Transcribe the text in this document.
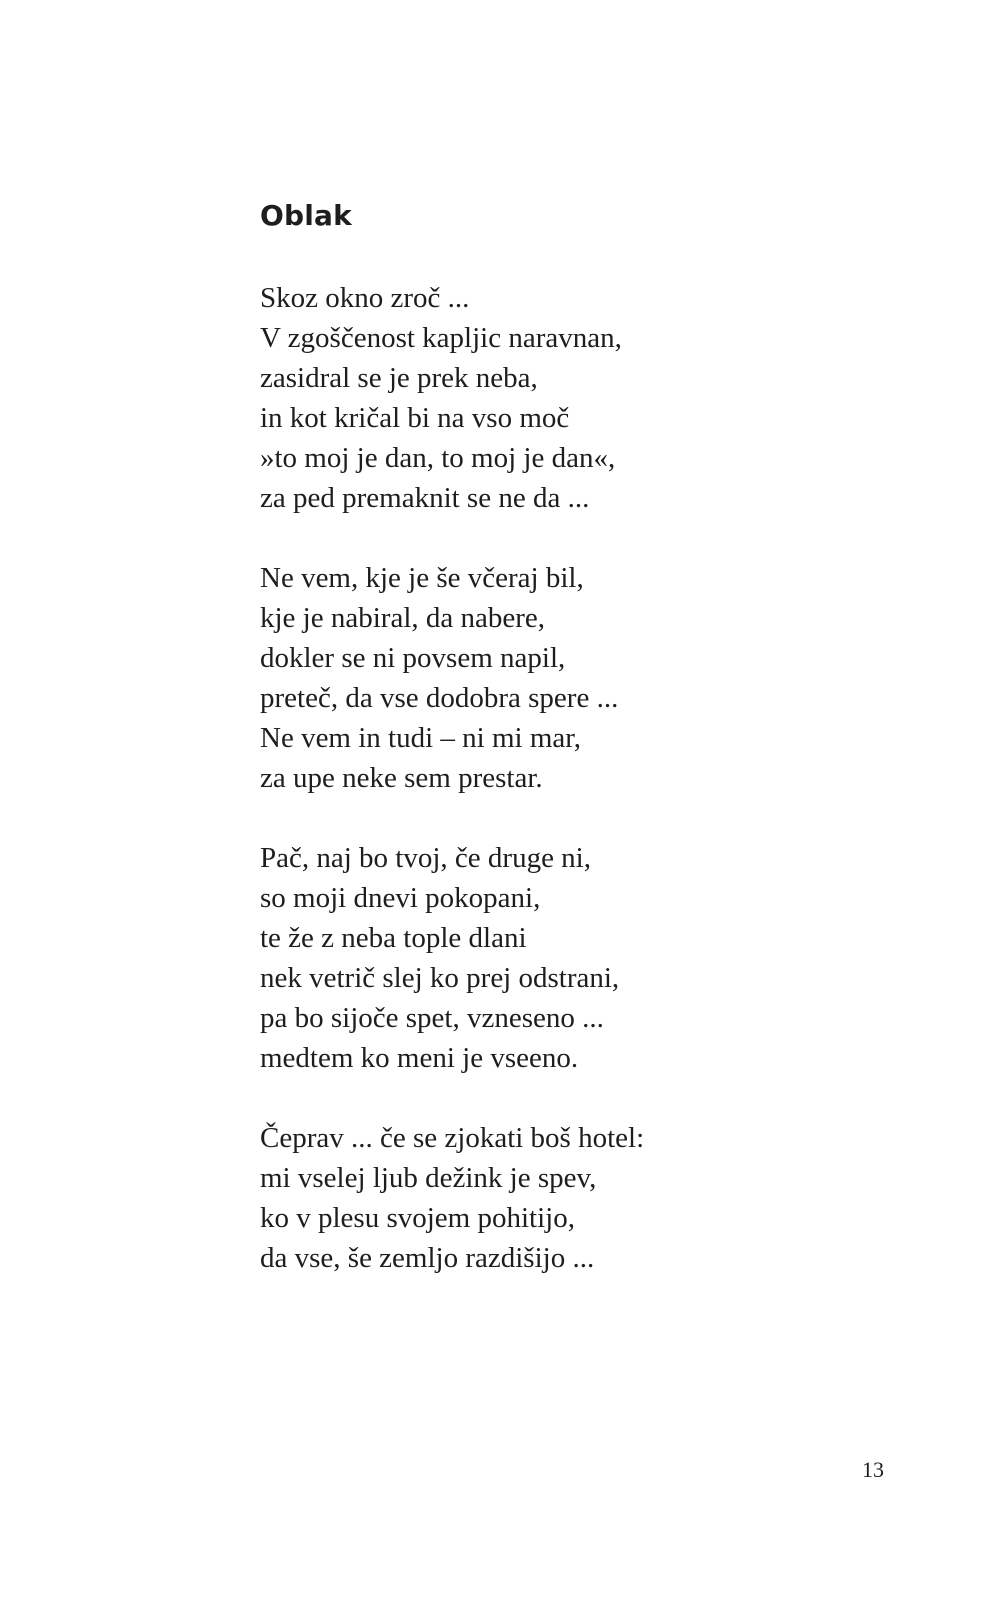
Oblak
Skoz okno zroč ...
V zgoščenost kapljic naravnan,
zasidral se je prek neba,
in kot kričal bi na vso moč
»to moj je dan, to moj je dan«,
za ped premaknit se ne da ...
Ne vem, kje je še včeraj bil,
kje je nabiral, da nabere,
dokler se ni povsem napil,
preteč, da vse dodobra spere ...
Ne vem in tudi – ni mi mar,
za upe neke sem prestar.
Pač, naj bo tvoj, če druge ni,
so moji dnevi pokopani,
te že z neba tople dlani
nek vetrič slej ko prej odstrani,
pa bo sijoče spet, vzneseno ...
medtem ko meni je vseeno.
Čeprav ... če se zjokati boš hotel:
mi vselej ljub dežink je spev,
ko v plesu svojem pohitijo,
da vse, še zemljo razdišijo ...
13
